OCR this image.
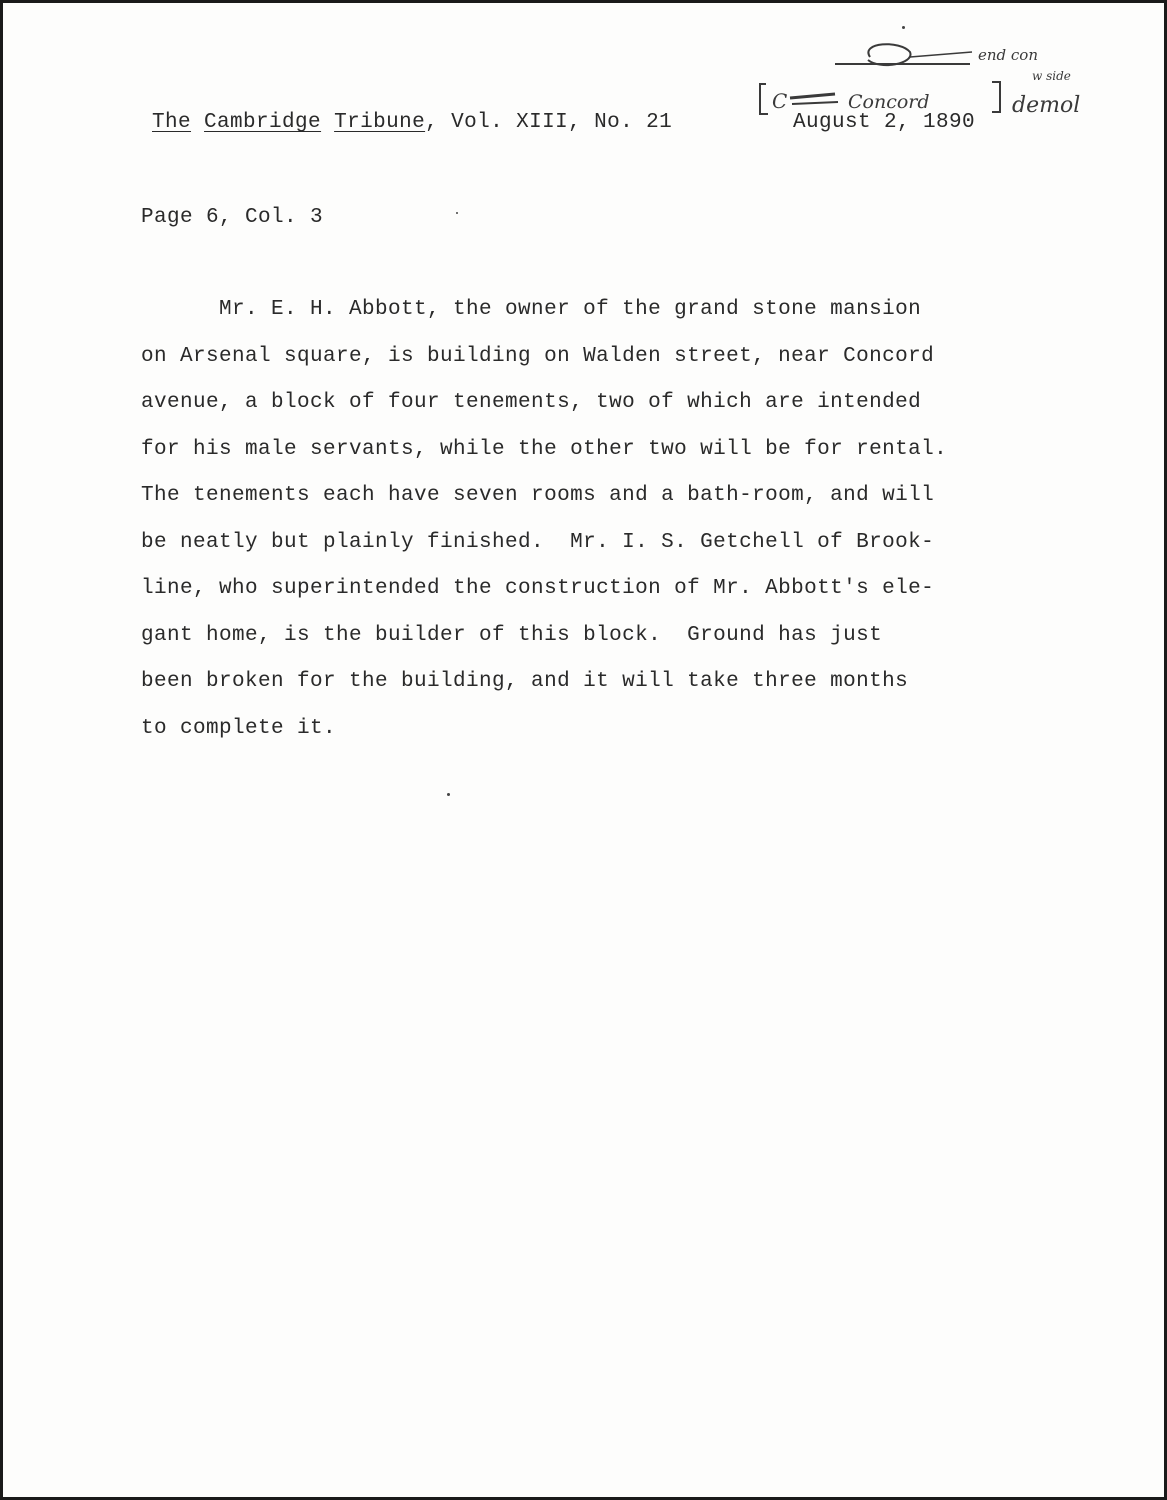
The Cambridge Tribune, Vol. XIII, No. 21	August 2, 1890
Page 6, Col. 3
Mr. E. H. Abbott, the owner of the grand stone mansion
on Arsenal square, is building on Walden street, near Concord
avenue, a block of four tenements, two of which are intended
for his male servants, while the other two will be for rental.
The tenements each have seven rooms and a bath-room, and will
be neatly but plainly finished.  Mr. I. S. Getchell of Brook-
line, who superintended the construction of Mr. Abbott's ele-
gant home, is the builder of this block.  Ground has just
been broken for the building, and it will take three months
to complete it.
C	Concord
end con
w side
demol
